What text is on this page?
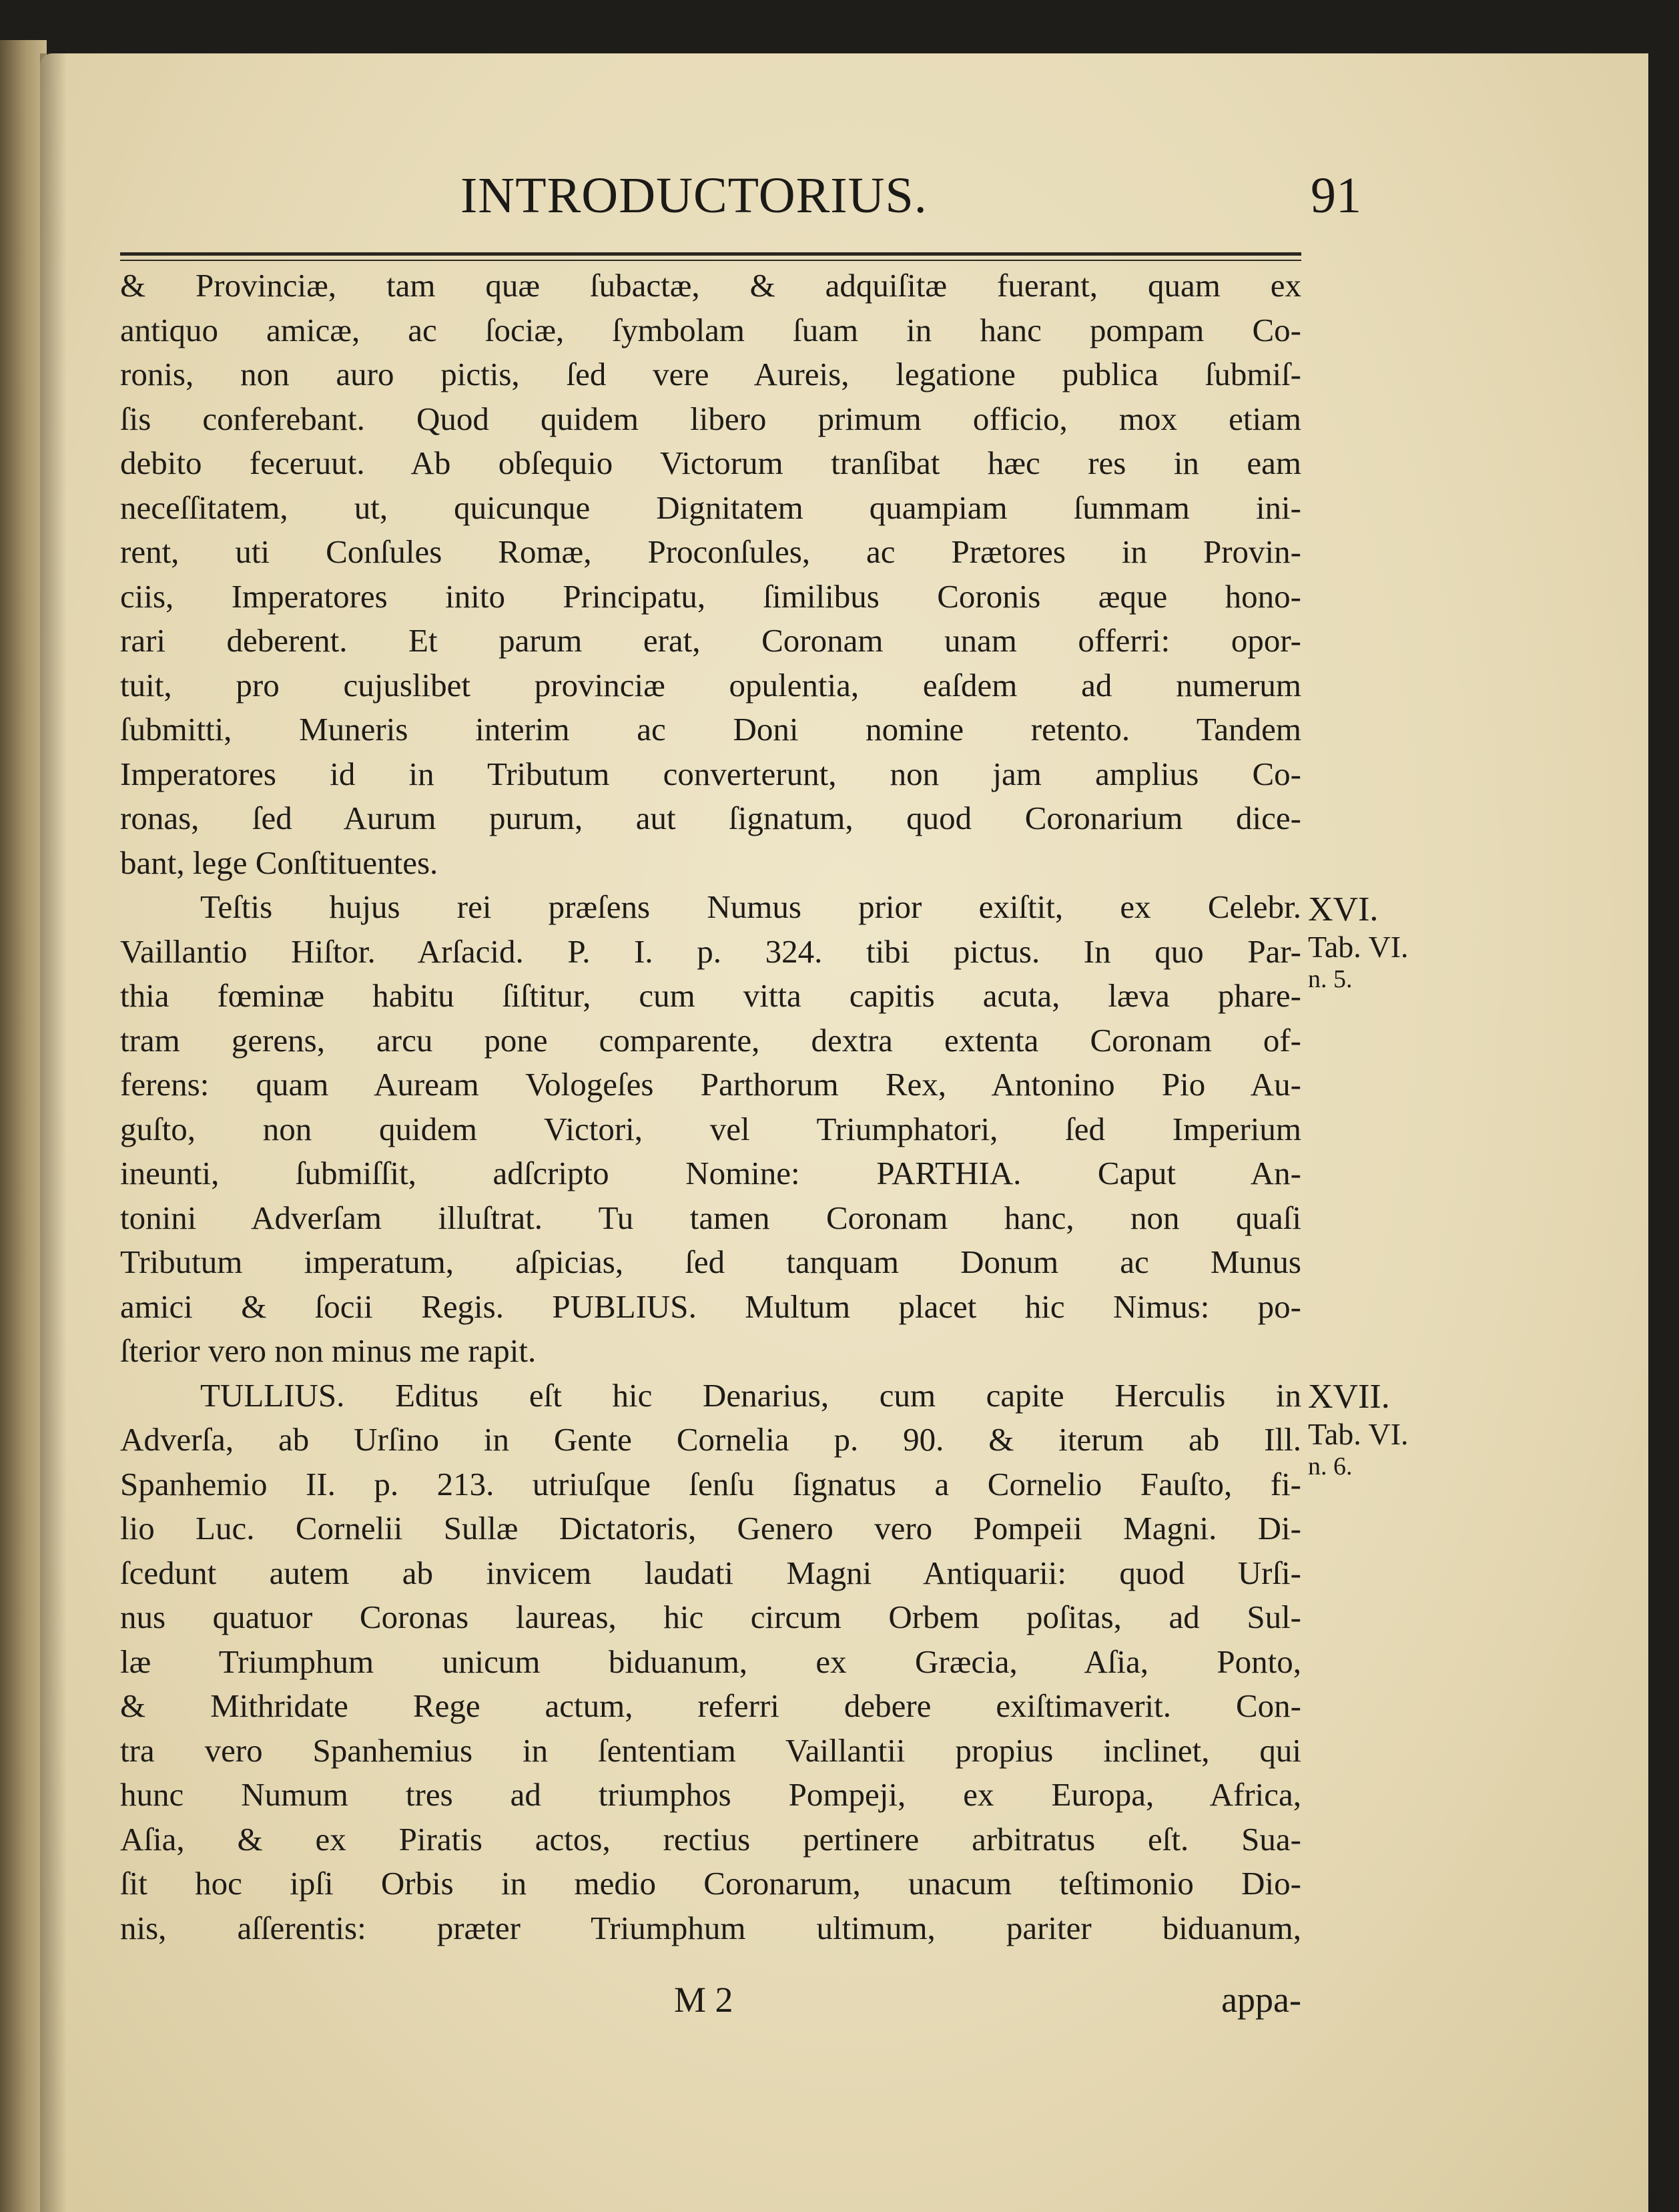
INTRODUCTORIUS.	91
& Provinciæ, tam quæ ſubactæ, & adquiſitæ fuerant, quam ex
antiquo amicæ, ac ſociæ, ſymbolam ſuam in hanc pompam Co-
ronis, non auro pictis, ſed vere Aureis, legatione publica ſubmiſ-
ſis conferebant. Quod quidem libero primum officio, mox etiam
debito feceruut. Ab obſequio Victorum tranſibat hæc res in eam
neceſſitatem, ut, quicunque Dignitatem quampiam ſummam ini-
rent, uti Conſules Romæ, Proconſules, ac Prætores in Provin-
ciis, Imperatores inito Principatu, ſimilibus Coronis æque hono-
rari deberent. Et parum erat, Coronam unam offerri: opor-
tuit, pro cujuslibet provinciæ opulentia, eaſdem ad numerum
ſubmitti, Muneris interim ac Doni nomine retento. Tandem
Imperatores id in Tributum converterunt, non jam amplius Co-
ronas, ſed Aurum purum, aut ſignatum, quod Coronarium dice-
bant, lege Conſtituentes.
Teſtis hujus rei præſens Numus prior exiſtit, ex Celebr.
Vaillantio Hiſtor. Arſacid. P. I. p. 324. tibi pictus. In quo Par-
thia fœminæ habitu ſiſtitur, cum vitta capitis acuta, læva phare-
tram gerens, arcu pone comparente, dextra extenta Coronam of-
ferens: quam Auream Vologeſes Parthorum Rex, Antonino Pio Au-
guſto, non quidem Victori, vel Triumphatori, ſed Imperium
ineunti, ſubmiſſit, adſcripto Nomine: PARTHIA. Caput An-
tonini Adverſam illuſtrat. Tu tamen Coronam hanc, non quaſi
Tributum imperatum, aſpicias, ſed tanquam Donum ac Munus
amici & ſocii Regis. PUBLIUS. Multum placet hic Nimus: po-
ſterior vero non minus me rapit.
TULLIUS. Editus eſt hic Denarius, cum capite Herculis in
Adverſa, ab Urſino in Gente Cornelia p. 90. & iterum ab Ill.
Spanhemio II. p. 213. utriuſque ſenſu ſignatus a Cornelio Fauſto, fi-
lio Luc. Cornelii Sullæ Dictatoris, Genero vero Pompeii Magni. Di-
ſcedunt autem ab invicem laudati Magni Antiquarii: quod Urſi-
nus quatuor Coronas laureas, hic circum Orbem poſitas, ad Sul-
læ Triumphum unicum biduanum, ex Græcia, Aſia, Ponto,
& Mithridate Rege actum, referri debere exiſtimaverit. Con-
tra vero Spanhemius in ſententiam Vaillantii propius inclinet, qui
hunc Numum tres ad triumphos Pompeji, ex Europa, Africa,
Aſia, & ex Piratis actos, rectius pertinere arbitratus eſt. Sua-
ſit hoc ipſi Orbis in medio Coronarum, unacum teſtimonio Dio-
nis, aſſerentis: præter Triumphum ultimum, pariter biduanum,
XVI.
Tab. VI.
n. 5.
XVII.
Tab. VI.
n. 6.
M 2	appa-
